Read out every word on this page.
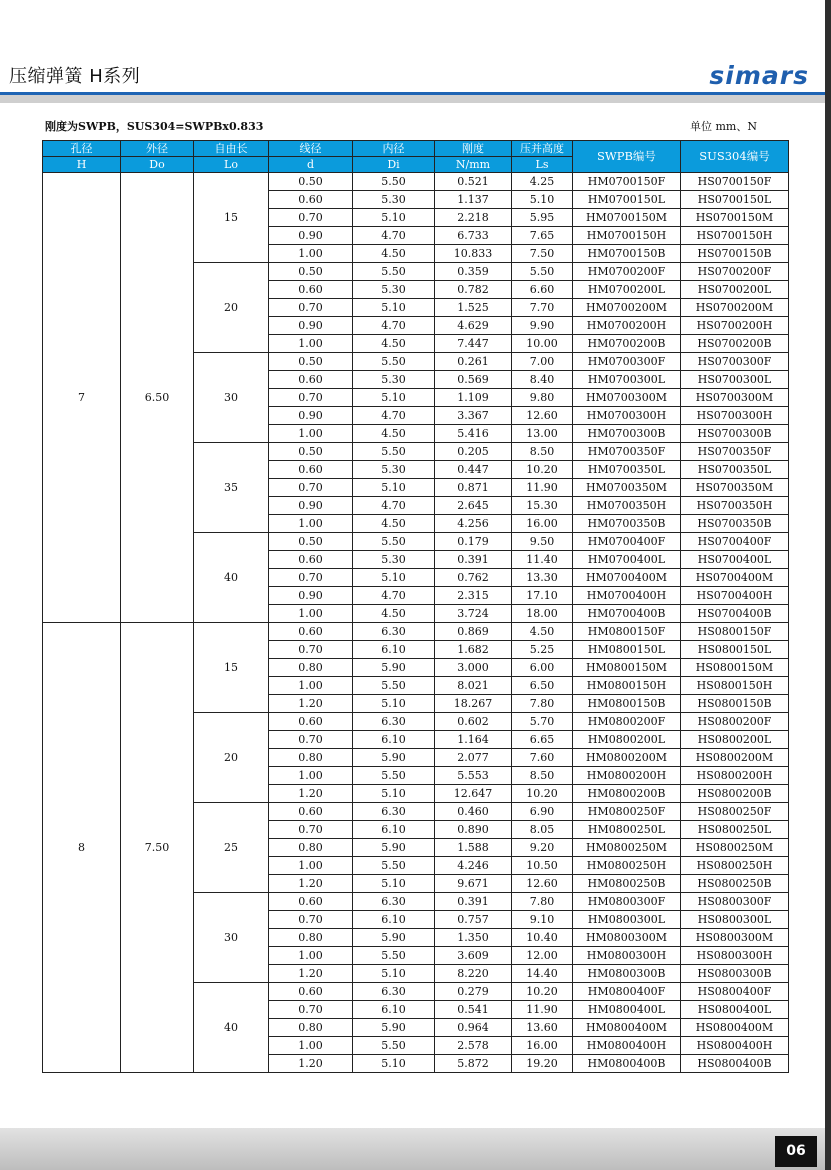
压缩弹簧 H系列	simars
刚度为SWPB，SUS304=SWPBx0.833	单位 mm、N
孔径	外径	自由长	线径	内径	刚度	压并高度	SWPB编号	SUS304编号
H	Do	Lo	d	Di	N/mm	Ls		
7	6.50	15	0.50	5.50	0.521	4.25	HM0700150F	HS0700150F
			0.60	5.30	1.137	5.10	HM0700150L	HS0700150L
			0.70	5.10	2.218	5.95	HM0700150M	HS0700150M
			0.90	4.70	6.733	7.65	HM0700150H	HS0700150H
			1.00	4.50	10.833	7.50	HM0700150B	HS0700150B
		20	0.50	5.50	0.359	5.50	HM0700200F	HS0700200F
			0.60	5.30	0.782	6.60	HM0700200L	HS0700200L
			0.70	5.10	1.525	7.70	HM0700200M	HS0700200M
			0.90	4.70	4.629	9.90	HM0700200H	HS0700200H
			1.00	4.50	7.447	10.00	HM0700200B	HS0700200B
		30	0.50	5.50	0.261	7.00	HM0700300F	HS0700300F
			0.60	5.30	0.569	8.40	HM0700300L	HS0700300L
			0.70	5.10	1.109	9.80	HM0700300M	HS0700300M
			0.90	4.70	3.367	12.60	HM0700300H	HS0700300H
			1.00	4.50	5.416	13.00	HM0700300B	HS0700300B
		35	0.50	5.50	0.205	8.50	HM0700350F	HS0700350F
			0.60	5.30	0.447	10.20	HM0700350L	HS0700350L
			0.70	5.10	0.871	11.90	HM0700350M	HS0700350M
			0.90	4.70	2.645	15.30	HM0700350H	HS0700350H
			1.00	4.50	4.256	16.00	HM0700350B	HS0700350B
		40	0.50	5.50	0.179	9.50	HM0700400F	HS0700400F
			0.60	5.30	0.391	11.40	HM0700400L	HS0700400L
			0.70	5.10	0.762	13.30	HM0700400M	HS0700400M
			0.90	4.70	2.315	17.10	HM0700400H	HS0700400H
			1.00	4.50	3.724	18.00	HM0700400B	HS0700400B
8	7.50	15	0.60	6.30	0.869	4.50	HM0800150F	HS0800150F
			0.70	6.10	1.682	5.25	HM0800150L	HS0800150L
			0.80	5.90	3.000	6.00	HM0800150M	HS0800150M
			1.00	5.50	8.021	6.50	HM0800150H	HS0800150H
			1.20	5.10	18.267	7.80	HM0800150B	HS0800150B
		20	0.60	6.30	0.602	5.70	HM0800200F	HS0800200F
			0.70	6.10	1.164	6.65	HM0800200L	HS0800200L
			0.80	5.90	2.077	7.60	HM0800200M	HS0800200M
			1.00	5.50	5.553	8.50	HM0800200H	HS0800200H
			1.20	5.10	12.647	10.20	HM0800200B	HS0800200B
		25	0.60	6.30	0.460	6.90	HM0800250F	HS0800250F
			0.70	6.10	0.890	8.05	HM0800250L	HS0800250L
			0.80	5.90	1.588	9.20	HM0800250M	HS0800250M
			1.00	5.50	4.246	10.50	HM0800250H	HS0800250H
			1.20	5.10	9.671	12.60	HM0800250B	HS0800250B
		30	0.60	6.30	0.391	7.80	HM0800300F	HS0800300F
			0.70	6.10	0.757	9.10	HM0800300L	HS0800300L
			0.80	5.90	1.350	10.40	HM0800300M	HS0800300M
			1.00	5.50	3.609	12.00	HM0800300H	HS0800300H
			1.20	5.10	8.220	14.40	HM0800300B	HS0800300B
		40	0.60	6.30	0.279	10.20	HM0800400F	HS0800400F
			0.70	6.10	0.541	11.90	HM0800400L	HS0800400L
			0.80	5.90	0.964	13.60	HM0800400M	HS0800400M
			1.00	5.50	2.578	16.00	HM0800400H	HS0800400H
			1.20	5.10	5.872	19.20	HM0800400B	HS0800400B
06
